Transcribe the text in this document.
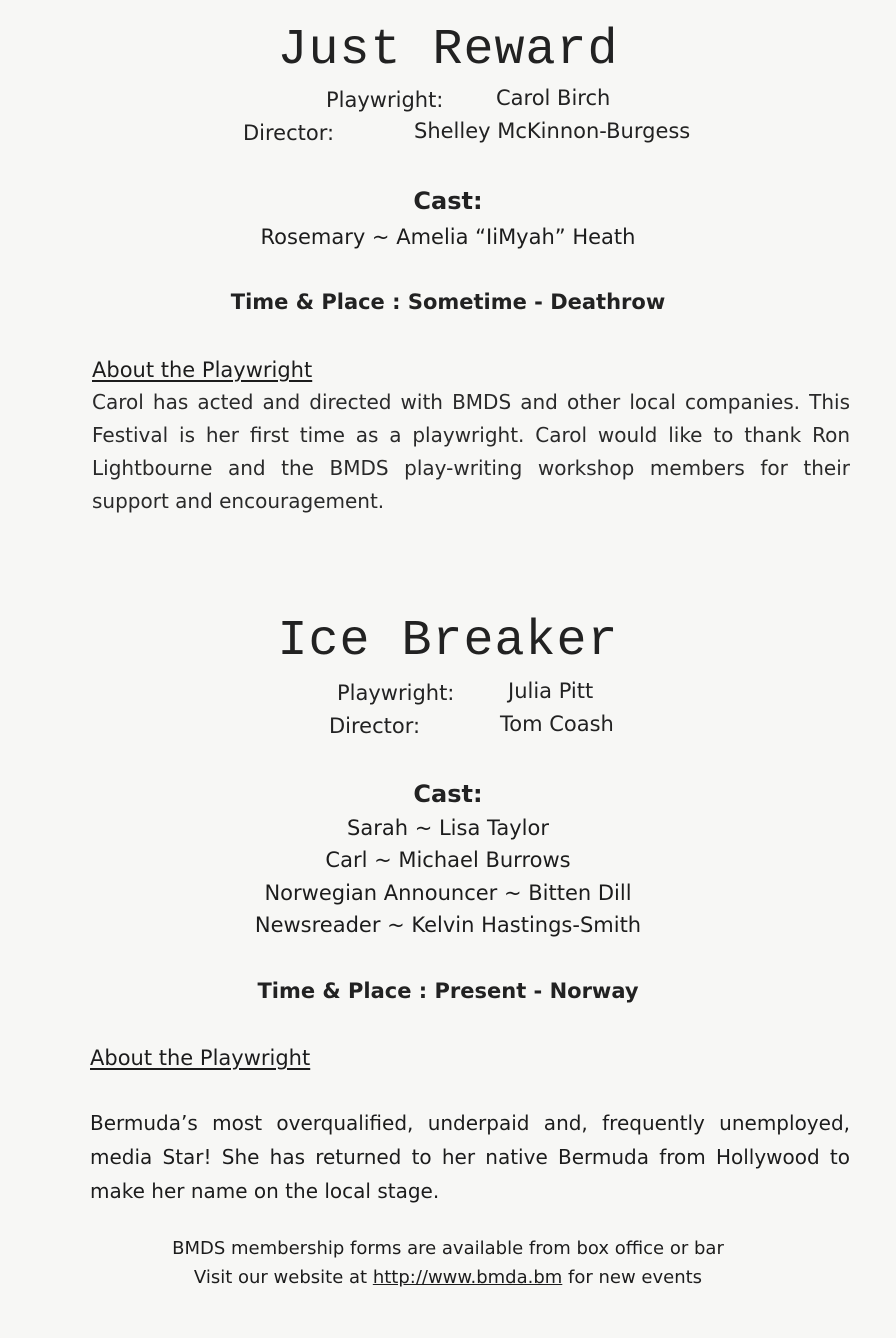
Just Reward
Playwright:	Carol Birch
Director:	Shelley McKinnon-Burgess
Cast:
Rosemary ~ Amelia “IiMyah” Heath
Time & Place : Sometime - Deathrow
About the Playwright
Carol has acted and directed with BMDS and other local companies. This Festival is her first time as a playwright. Carol would like to thank Ron Lightbourne and the BMDS play-writing workshop members for their support and encouragement.
Ice Breaker
Playwright:	Julia Pitt
Director:	Tom Coash
Cast:
Sarah ~ Lisa Taylor
Carl ~ Michael Burrows
Norwegian Announcer ~ Bitten Dill
Newsreader ~ Kelvin Hastings-Smith
Time & Place : Present - Norway
About the Playwright
Bermuda’s most overqualified, underpaid and, frequently unemployed, media Star! She has returned to her native Bermuda from Hollywood to make her name on the local stage.
BMDS membership forms are available from box office or bar
Visit our website at http://www.bmda.bm for new events
